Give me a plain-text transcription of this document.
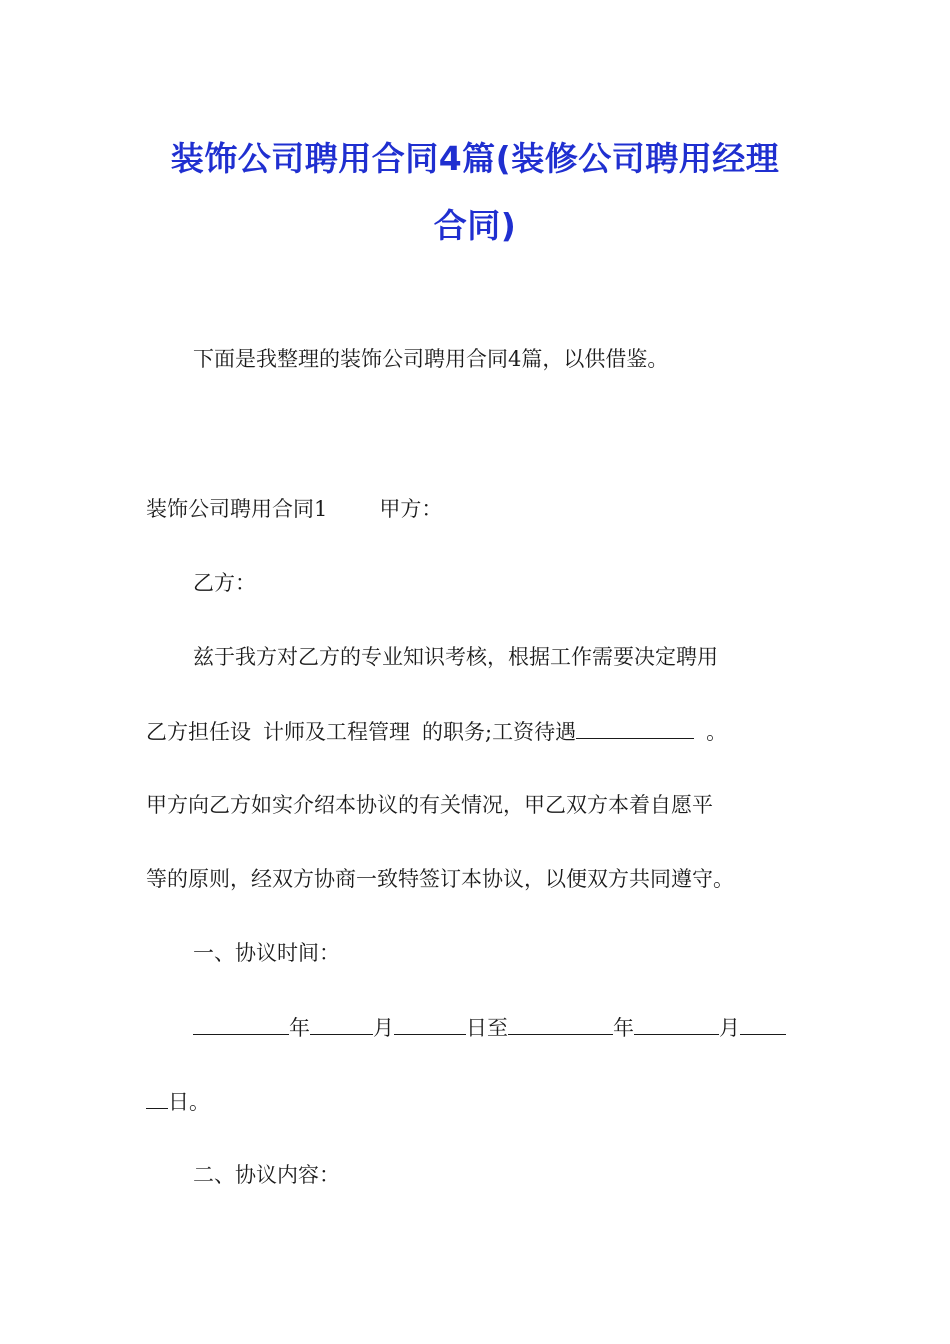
装饰公司聘用合同4篇(装修公司聘用经理
合同)
下面是我整理的装饰公司聘用合同4篇，以供借鉴。
装饰公司聘用合同1 甲方：
乙方：
兹于我方对乙方的专业知识考核，根据工作需要决定聘用
乙方担任设 计师及工程管理 的职务;工资待遇	。
甲方向乙方如实介绍本协议的有关情况，甲乙双方本着自愿平
等的原则，经双方协商一致特签订本协议，以便双方共同遵守。
一、协议时间：
年	月	日至	年	月
日。
二、协议内容：
